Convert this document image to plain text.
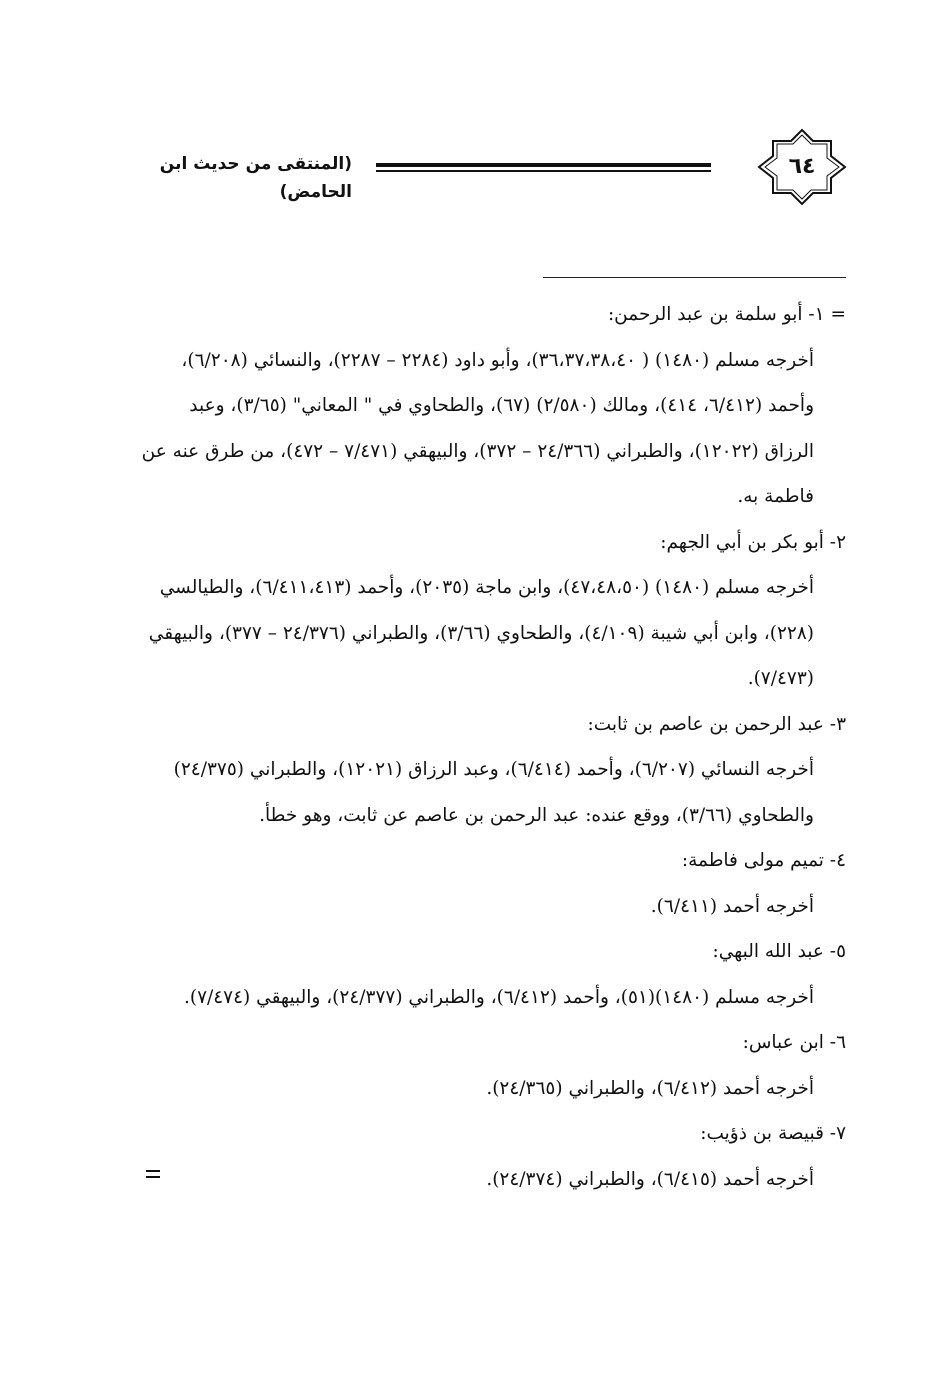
٦٤
(المنتقى من حديث ابن الحامض)

= ١- أبو سلمة بن عبد الرحمن:

أخرجه مسلم (١٤٨٠) ( ٣٦،٣٧،٣٨،٤٠)، وأبو داود (٢٢٨٤ – ٢٢٨٧)، والنسائي (٦/٢٠٨)،

وأحمد (٦/٤١٢، ٤١٤)، ومالك (٢/٥٨٠) (٦٧)، والطحاوي في " المعاني" (٣/٦٥)، وعبد

الرزاق (١٢٠٢٢)، والطبراني (٢٤/٣٦٦ – ٣٧٢)، والبيهقي (٧/٤٧١ – ٤٧٢)، من طرق عنه عن

فاطمة به.

٢- أبو بكر بن أبي الجهم:

أخرجه مسلم (١٤٨٠) (٤٧،٤٨،٥٠)، وابن ماجة (٢٠٣٥)، وأحمد (٦/٤١١،٤١٣)، والطيالسي

(٢٢٨)، وابن أبي شيبة (٤/١٠٩)، والطحاوي (٣/٦٦)، والطبراني (٢٤/٣٧٦ – ٣٧٧)، والبيهقي

(٧/٤٧٣).

٣- عبد الرحمن بن عاصم بن ثابت:

أخرجه النسائي (٦/٢٠٧)، وأحمد (٦/٤١٤)، وعبد الرزاق (١٢٠٢١)، والطبراني (٢٤/٣٧٥)

والطحاوي (٣/٦٦)، ووقع عنده: عبد الرحمن بن عاصم عن ثابت، وهو خطأ.

٤- تميم مولى فاطمة:

أخرجه أحمد (٦/٤١١).

٥- عبد الله البهي:

أخرجه مسلم (١٤٨٠)(٥١)، وأحمد (٦/٤١٢)، والطبراني (٢٤/٣٧٧)، والبيهقي (٧/٤٧٤).

٦- ابن عباس:

أخرجه أحمد (٦/٤١٢)، والطبراني (٢٤/٣٦٥).

٧- قبيصة بن ذؤيب:

أخرجه أحمد (٦/٤١٥)، والطبراني (٢٤/٣٧٤).
